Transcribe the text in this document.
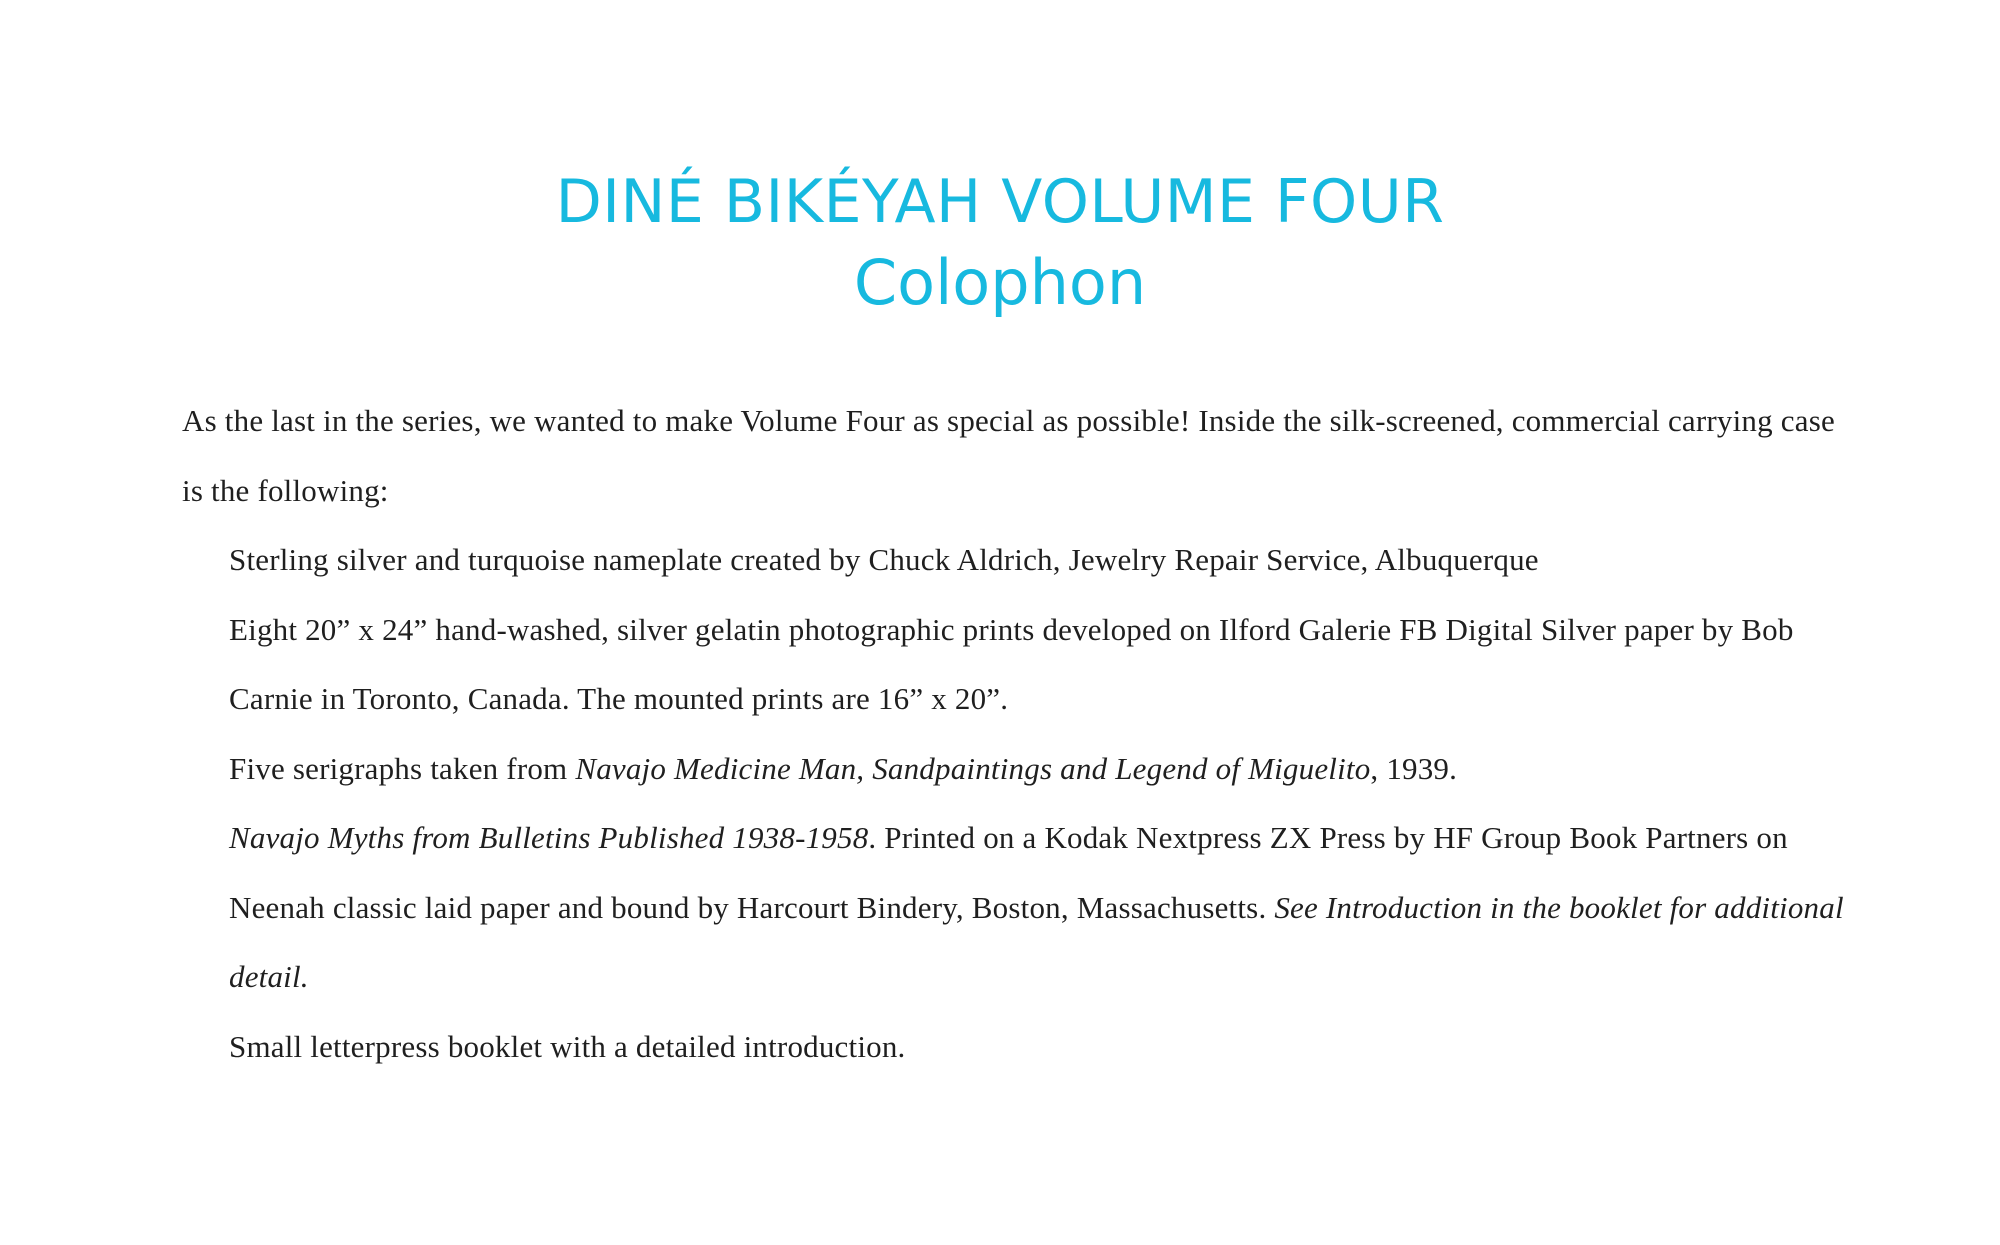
DINÉ BIKÉYAH VOLUME FOUR
Colophon

As the last in the series, we wanted to make Volume Four as special as possible! Inside the silk-screened, commercial carrying case is the following:

Sterling silver and turquoise nameplate created by Chuck Aldrich, Jewelry Repair Service, Albuquerque

Eight 20” x 24” hand-washed, silver gelatin photographic prints developed on Ilford Galerie FB Digital Silver paper by Bob Carnie in Toronto, Canada. The mounted prints are 16” x 20”.

Five serigraphs taken from Navajo Medicine Man, Sandpaintings and Legend of Miguelito, 1939.

Navajo Myths from Bulletins Published 1938-1958. Printed on a Kodak Nextpress ZX Press by HF Group Book Partners on Neenah classic laid paper and bound by Harcourt Bindery, Boston, Massachusetts. See Introduction in the booklet for additional detail.

Small letterpress booklet with a detailed introduction.
